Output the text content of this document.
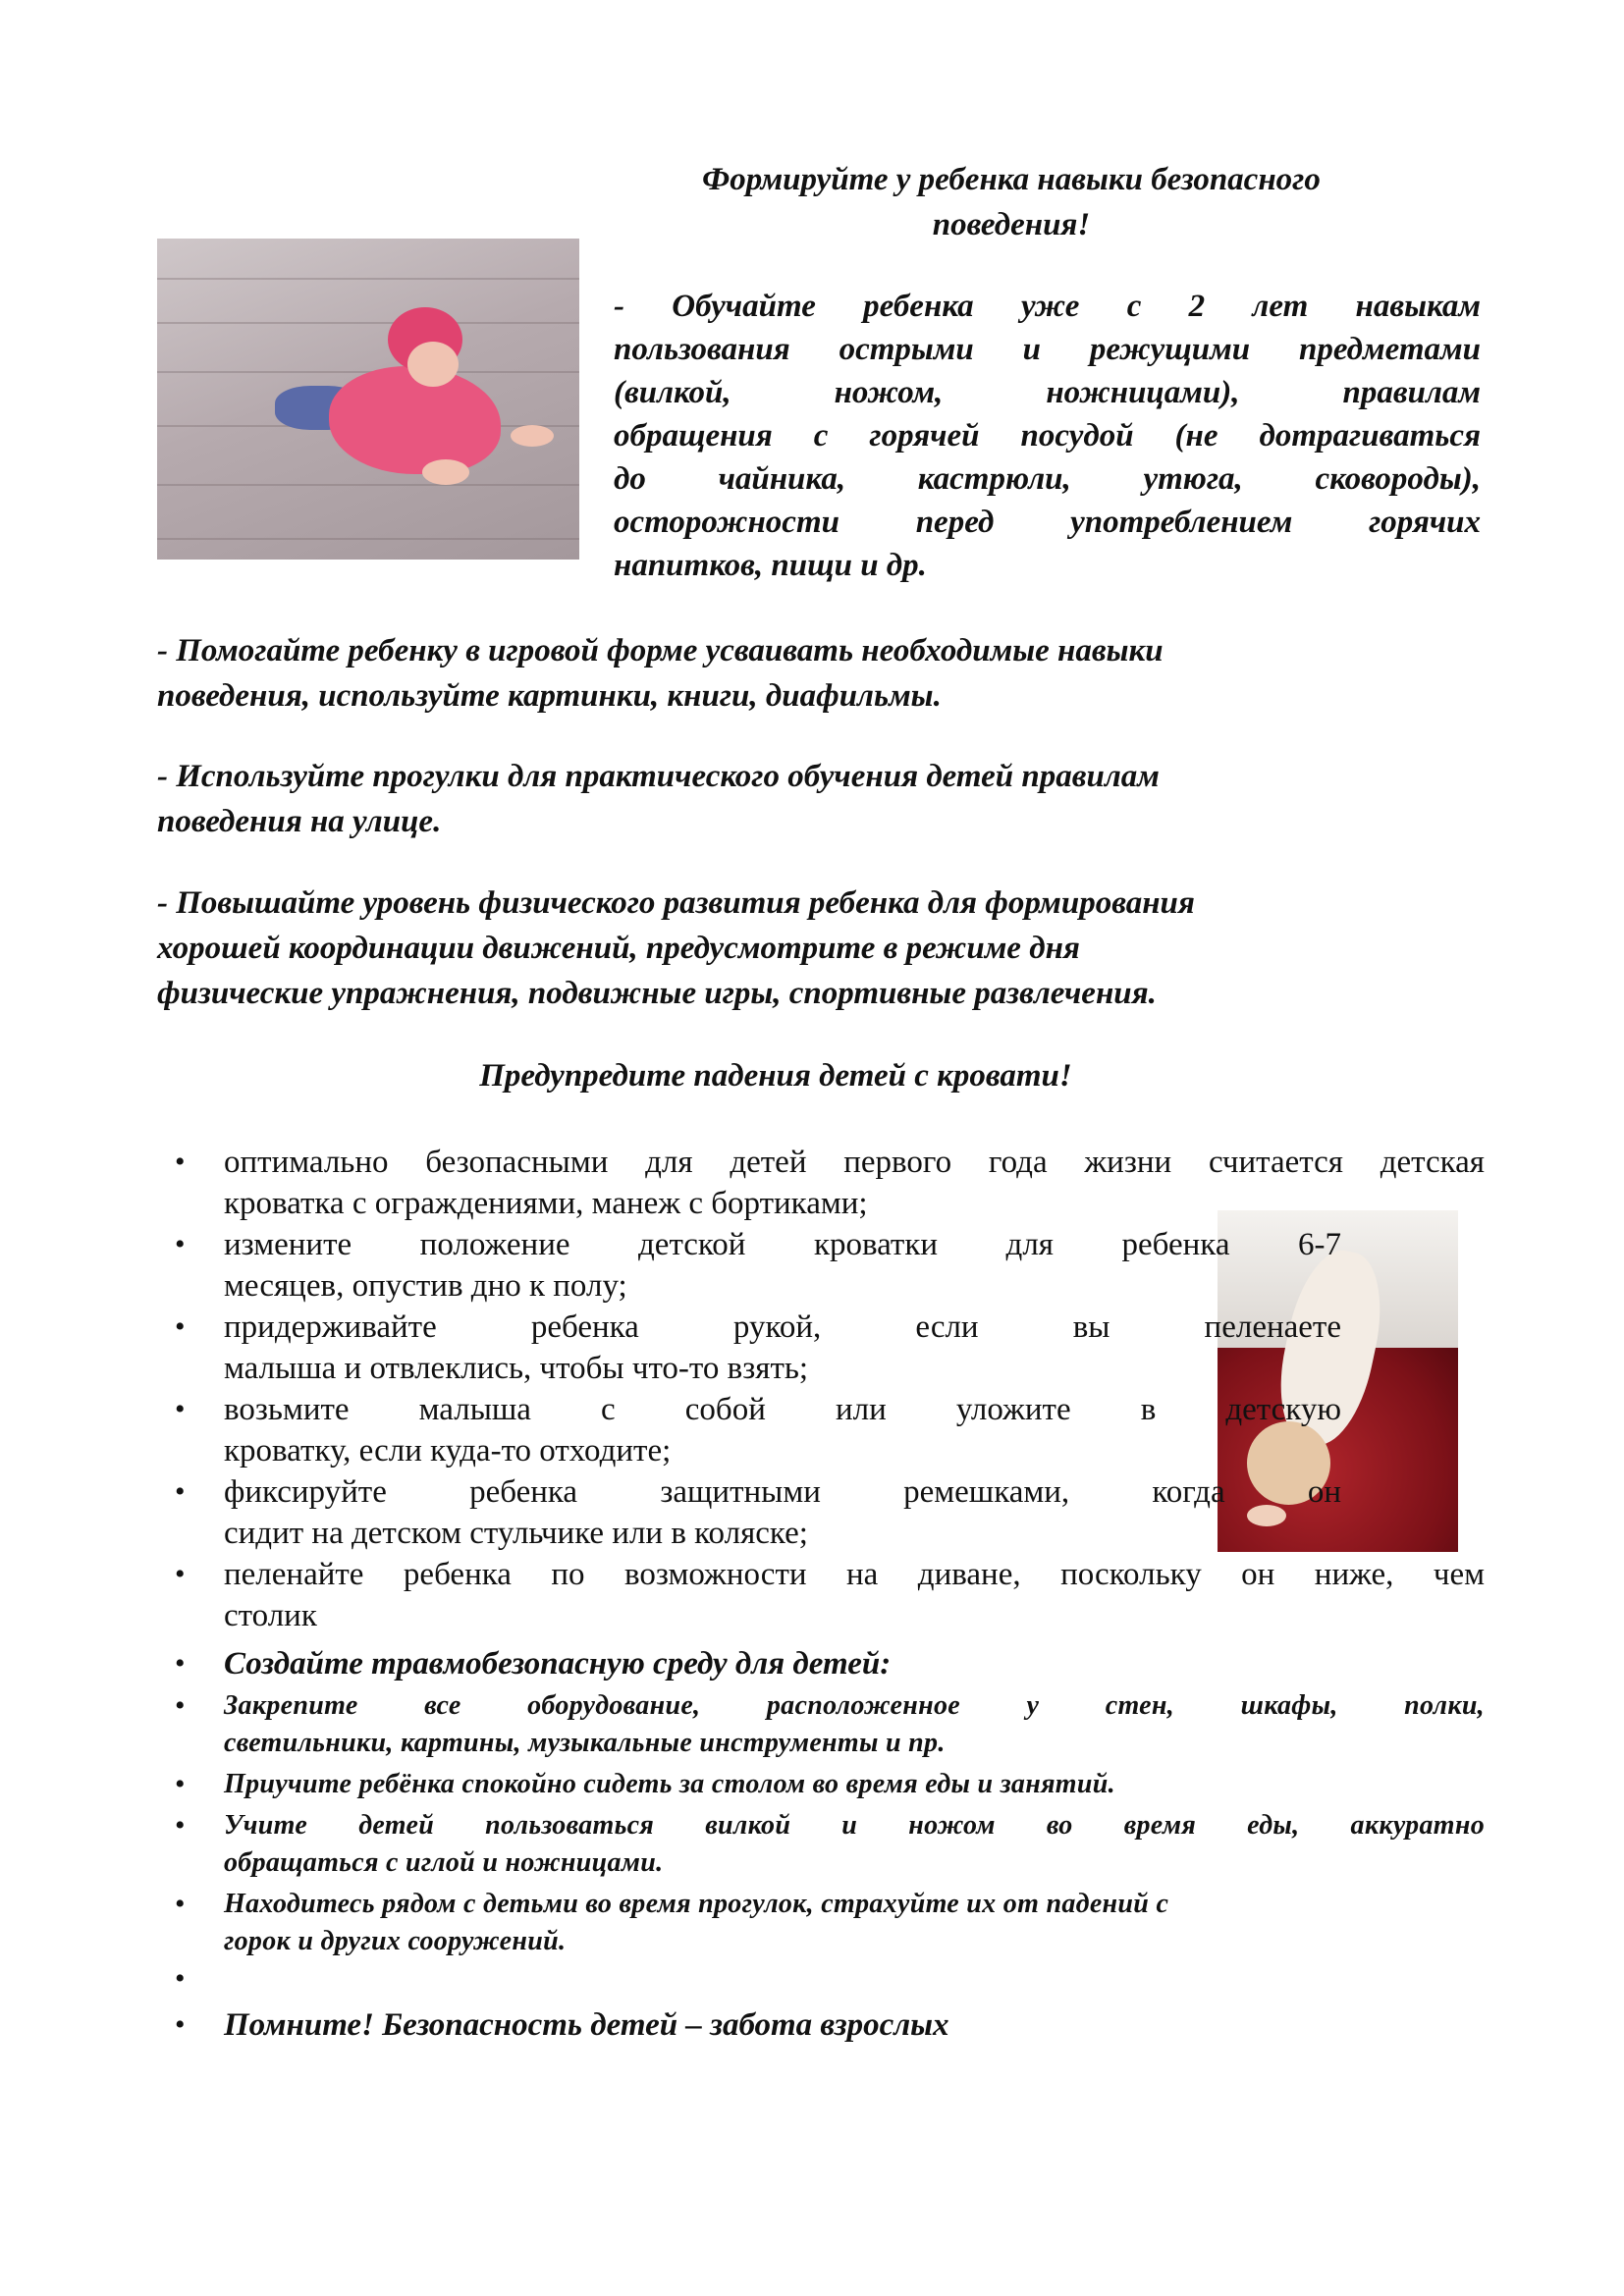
Формируйте у ребенка навыки безопасного
поведения!
- Обучайте ребенка уже с 2 лет навыкам
пользования острыми и режущими предметами
(вилкой, ножом, ножницами), правилам
обращения с горячей посудой (не дотрагиваться
до чайника, кастрюли, утюга, сковороды),
осторожности перед употреблением горячих
напитков, пищи и др.
- Помогайте ребенку в игровой форме усваивать необходимые навыки
поведения, используйте картинки, книги, диафильмы.
- Используйте прогулки для практического обучения детей правилам
поведения на улице.
- Повышайте уровень физического развития ребенка для формирования
хорошей координации движений, предусмотрите в режиме дня
физические упражнения, подвижные игры, спортивные развлечения.
Предупредите падения детей с кровати!
• оптимально безопасными для детей первого года жизни считается детская
кроватка с ограждениями, манеж с бортиками;
• измените положение детской кроватки для ребенка 6-7
месяцев, опустив дно к полу;
• придерживайте ребенка рукой, если вы пеленаете
малыша и отвлеклись, чтобы что-то взять;
• возьмите малыша с собой или уложите в детскую
кроватку, если куда-то отходите;
• фиксируйте ребенка защитными ремешками, когда он
сидит на детском стульчике или в коляске;
• пеленайте ребенка по возможности на диване, поскольку он ниже, чем
столик
• Создайте травмобезопасную среду для детей:
• Закрепите все оборудование, расположенное у стен, шкафы, полки,
светильники, картины, музыкальные инструменты и пр.
• Приучите ребёнка спокойно сидеть за столом во время еды и занятий.
• Учите детей пользоваться вилкой и ножом во время еды, аккуратно
обращаться с иглой и ножницами.
• Находитесь рядом с детьми во время прогулок, страхуйте их от падений с
горок и других сооружений.
•
• Помните! Безопасность детей – забота взрослых
